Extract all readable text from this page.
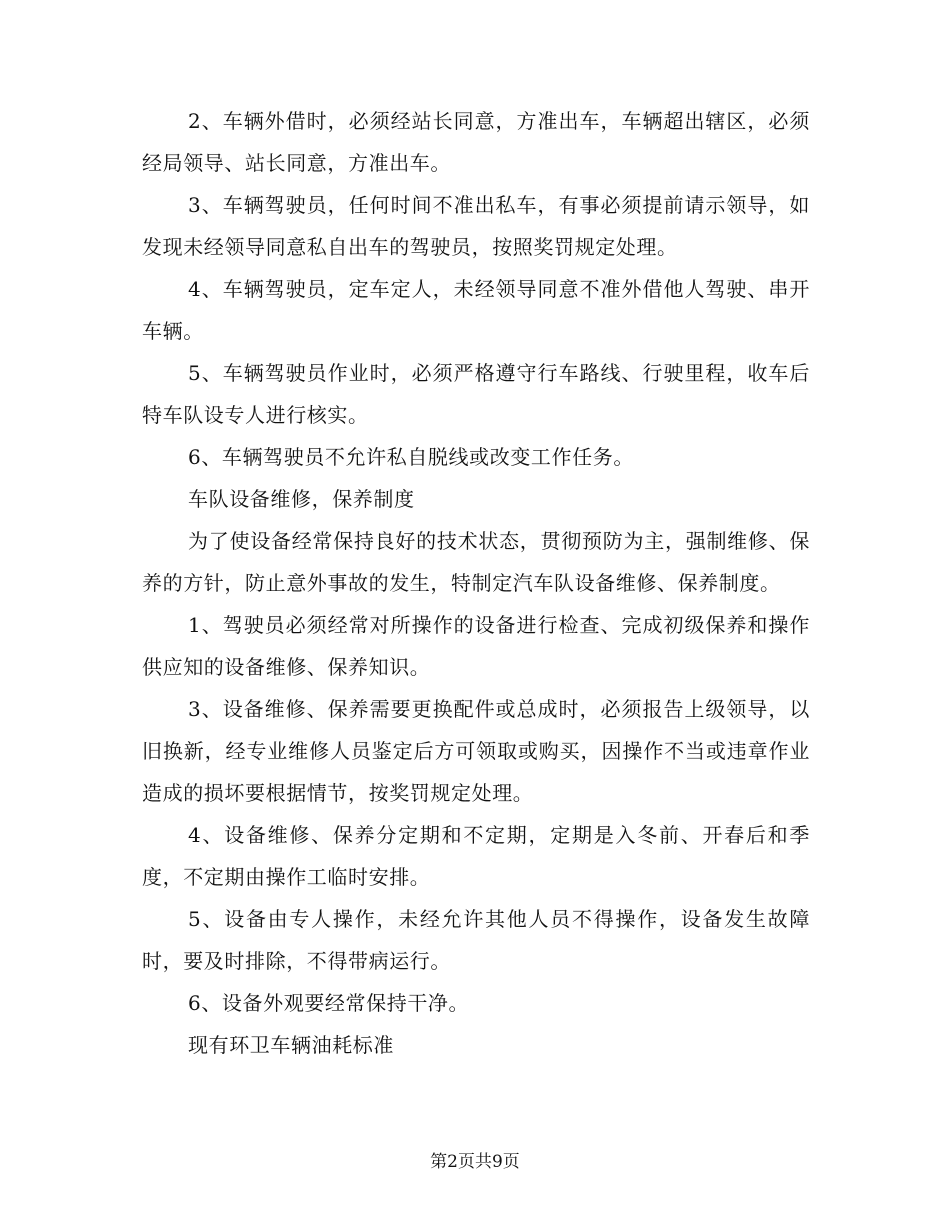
2、车辆外借时，必须经站长同意，方准出车，车辆超出辖区，必须经局领导、站长同意，方准出车。

3、车辆驾驶员，任何时间不准出私车，有事必须提前请示领导，如发现未经领导同意私自出车的驾驶员，按照奖罚规定处理。

4、车辆驾驶员，定车定人，未经领导同意不准外借他人驾驶、串开车辆。

5、车辆驾驶员作业时，必须严格遵守行车路线、行驶里程，收车后特车队设专人进行核实。

6、车辆驾驶员不允许私自脱线或改变工作任务。

车队设备维修，保养制度

为了使设备经常保持良好的技术状态，贯彻预防为主，强制维修、保养的方针，防止意外事故的发生，特制定汽车队设备维修、保养制度。

1、驾驶员必须经常对所操作的设备进行检查、完成初级保养和操作供应知的设备维修、保养知识。

3、设备维修、保养需要更换配件或总成时，必须报告上级领导，以旧换新，经专业维修人员鉴定后方可领取或购买，因操作不当或违章作业造成的损坏要根据情节，按奖罚规定处理。

4、设备维修、保养分定期和不定期，定期是入冬前、开春后和季度，不定期由操作工临时安排。

5、设备由专人操作，未经允许其他人员不得操作，设备发生故障时，要及时排除，不得带病运行。

6、设备外观要经常保持干净。

现有环卫车辆油耗标准

第2页共9页
